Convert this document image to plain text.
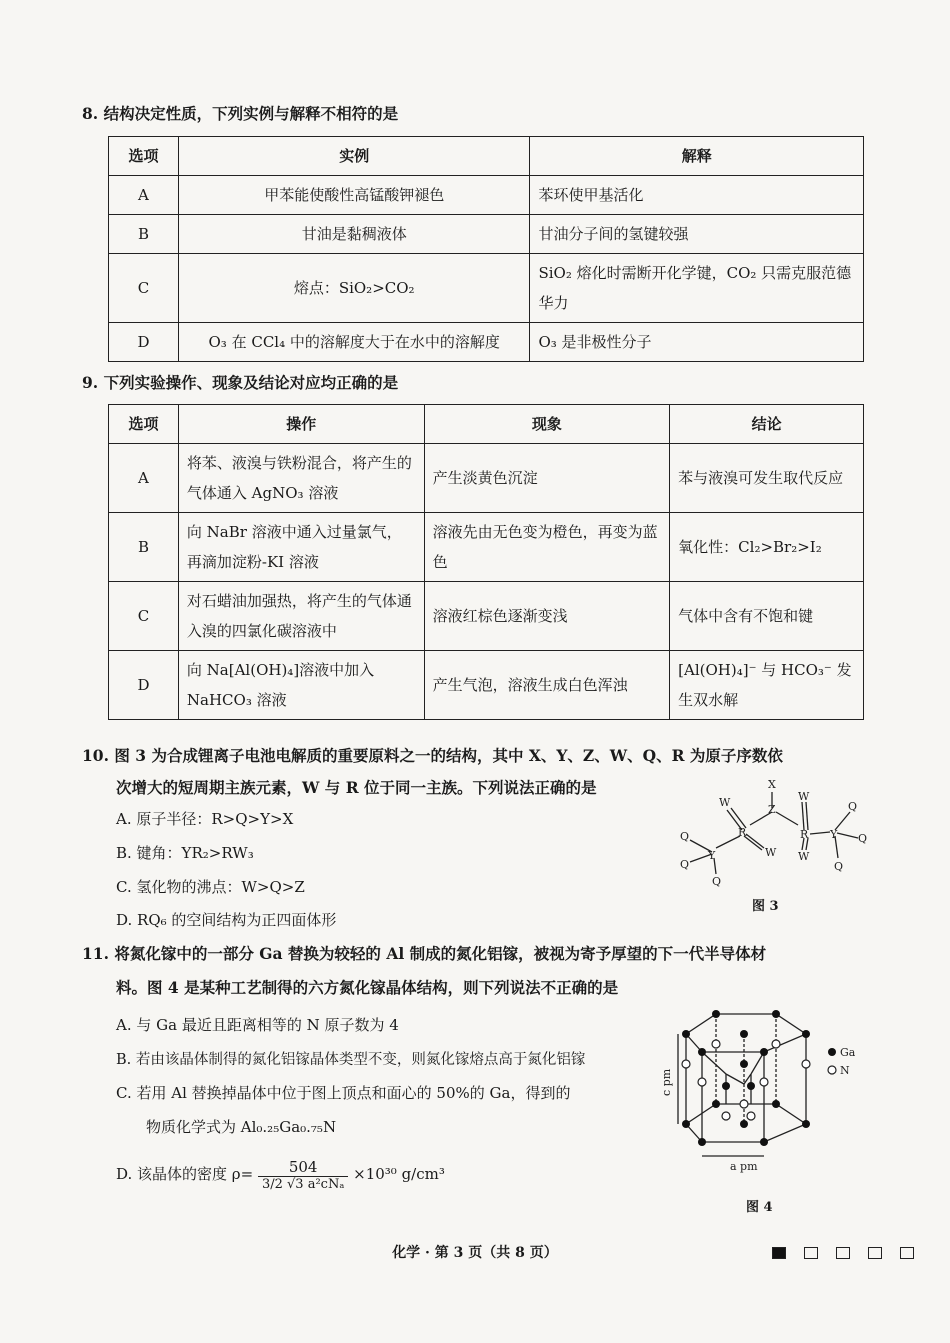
8. 结构决定性质，下列实例与解释不相符的是
选项	实例	解释
A	甲苯能使酸性高锰酸钾褪色	苯环使甲基活化
B	甘油是黏稠液体	甘油分子间的氢键较强
C	熔点：SiO₂>CO₂	SiO₂ 熔化时需断开化学键，CO₂ 只需克服范德华力
D	O₃ 在 CCl₄ 中的溶解度大于在水中的溶解度	O₃ 是非极性分子
9. 下列实验操作、现象及结论对应均正确的是
选项	操作	现象	结论
A	将苯、液溴与铁粉混合，将产生的气体通入 AgNO₃ 溶液	产生淡黄色沉淀	苯与液溴可发生取代反应
B	向 NaBr 溶液中通入过量氯气，再滴加淀粉-KI 溶液	溶液先由无色变为橙色，再变为蓝色	氧化性：Cl₂>Br₂>I₂
C	对石蜡油加强热，将产生的气体通入溴的四氯化碳溶液中	溶液红棕色逐渐变浅	气体中含有不饱和键
D	向 Na[Al(OH)₄]溶液中加入 NaHCO₃ 溶液	产生气泡，溶液生成白色浑浊	[Al(OH)₄]⁻ 与 HCO₃⁻ 发生双水解
10. 图 3 为合成锂离子电池电解质的重要原料之一的结构，其中 X、Y、Z、W、Q、R 为原子序数依
次增大的短周期主族元素，W 与 R 位于同一主族。下列说法正确的是
A. 原子半径：R>Q>Y>X
B. 键角：YR₂>RW₃
C. 氢化物的沸点：W>Q>Z
D. RQ₆ 的空间结构为正四面体形
X
Z
W
R
W
Y
Q
Q
Q
W
R
W
Y
Q
Q
Q
图 3
11. 将氮化镓中的一部分 Ga 替换为较轻的 Al 制成的氮化铝镓，被视为寄予厚望的下一代半导体材
料。图 4 是某种工艺制得的六方氮化镓晶体结构，则下列说法不正确的是
A. 与 Ga 最近且距离相等的 N 原子数为 4
B. 若由该晶体制得的氮化铝镓晶体类型不变，则氮化镓熔点高于氮化铝镓
C. 若用 Al 替换掉晶体中位于图上顶点和面心的 50%的 Ga，得到的
物质化学式为 Al₀.₂₅Ga₀.₇₅N
D. 该晶体的密度 $\rho= \frac{504}{\text{3/2 √3 a²cNₐ}} \times 10^{30}$ g/cm³
Ga
N
a pm
c pm
图 4
化学 · 第 3 页（共 8 页）
